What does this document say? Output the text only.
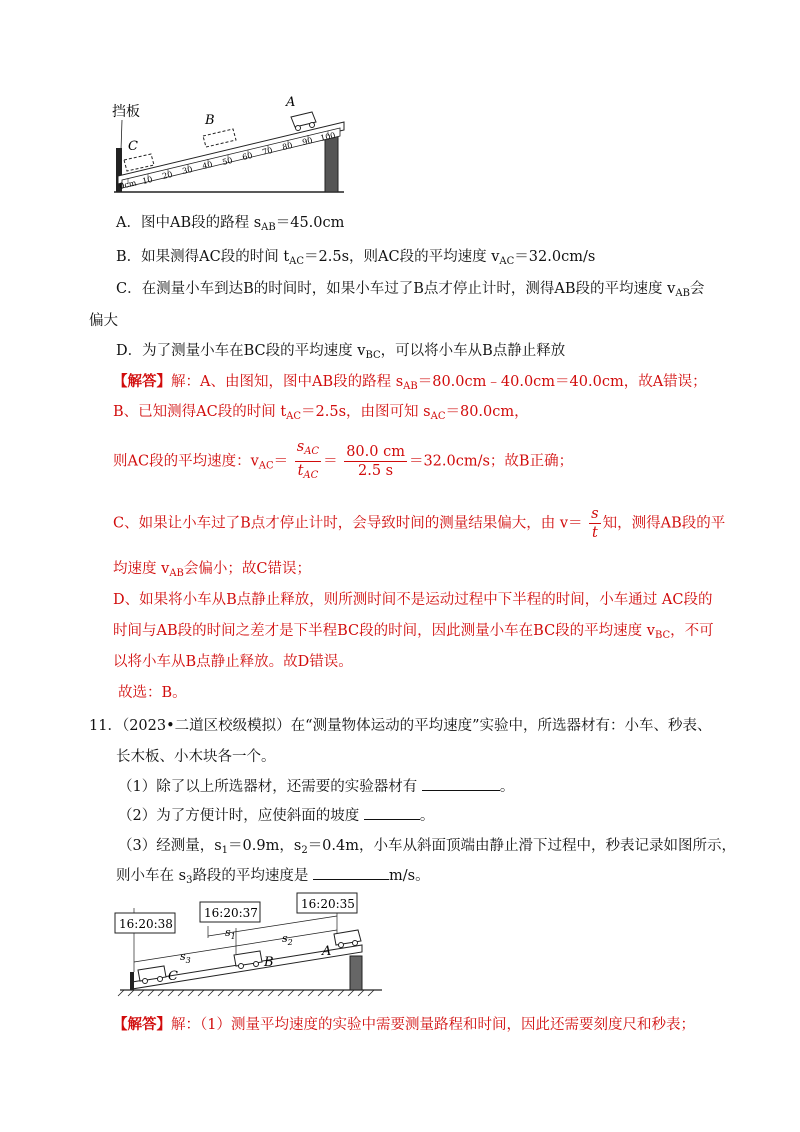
挡板
A
B
C
0cm 10 20 30 40 50 60 70 80 90 100
A．图中AB段的路程 $s_{AB}=45.0cm$
B．如果测得AC段的时间 $t_{AC}=2.5s$，则AC段的平均速度 $v_{AC}=32.0cm/s$
C．在测量小车到达B的时间时，如果小车过了B点才停止计时，测得AB段的平均速度 $v_{AB}$会
偏大
D．为了测量小车在BC段的平均速度 $v_{BC}$，可以将小车从B点静止释放
【解答】解：A、由图知，图中AB段的路程 $s_{AB}=80.0cm﹣40.0cm=40.0cm$，故A错误；
B、已知测得AC段的时间 $t_{AC}=2.5s$，由图可知 $s_{AC}=80.0cm$，
则AC段的平均速度：$v_{AC}= \frac{s_{AC}}{t_{AC}} = \frac{80.0 cm}{2.5 s} =32.0cm/s$；故B正确；
C、如果让小车过了B点才停止计时，会导致时间的测量结果偏大，由 $v= \frac{s}{t}$ 知，测得AB段的平
均速度 $v_{AB}$会偏小；故C错误；
D、如果将小车从B点静止释放，则所测时间不是运动过程中下半程的时间，小车通过 AC段的
时间与AB段的时间之差才是下半程BC段的时间，因此测量小车在BC段的平均速度 $v_{BC}$，不可
以将小车从B点静止释放。故D错误。
故选：B。
11．（2023•二道区校级模拟）在“测量物体运动的平均速度”实验中，所选器材有：小车、秒表、
长木板、小木块各一个。
（1）除了以上所选器材，还需要的实验器材有	。
（2）为了方便计时，应使斜面的坡度	。
（3）经测量，$s_1=0.9m$，$s_2=0.4m$，小车从斜面顶端由静止滑下过程中，秒表记录如图所示，
则小车在 $s_3$路段的平均速度是	m/s。
16:20:38
16:20:37
16:20:35
$s_1$	$s_2$
$s_3$
A
B
C
【解答】解：（1）测量平均速度的实验中需要测量路程和时间，因此还需要刻度尺和秒表；
